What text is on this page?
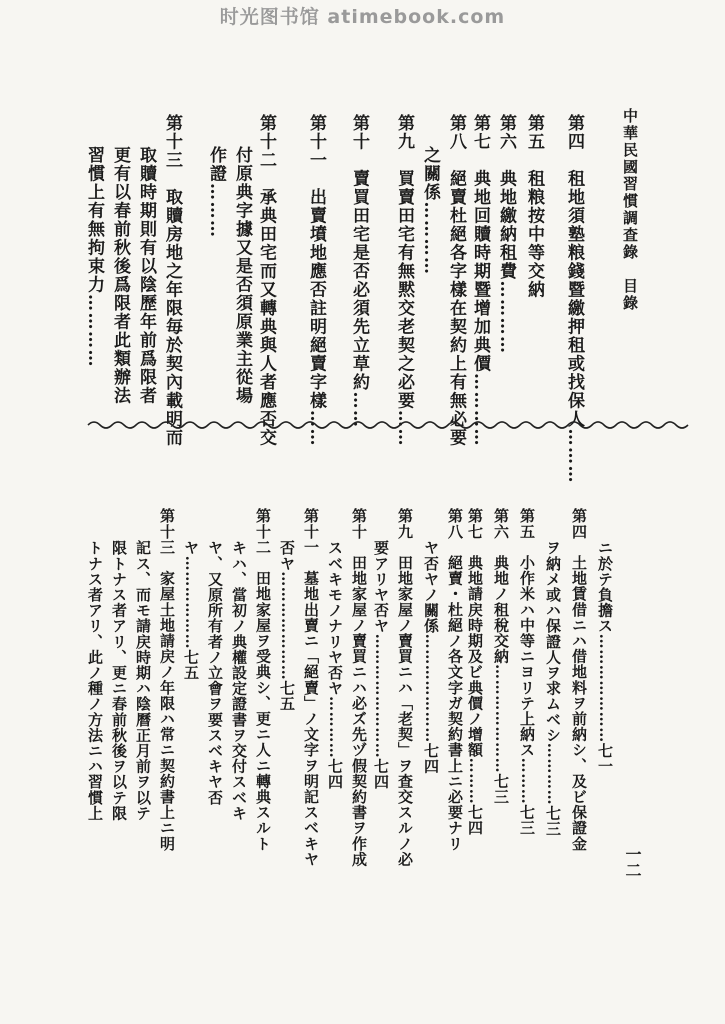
时光图书馆 atimebook.com
中華民國習慣調査錄　目錄
一二
第四　租地須塾粮錢暨繳押租或找保人………
第五　租粮按中等交納
第六　典地繳納租費…………
第七　典地回贖時期暨增加典價…………
第八　絕賣杜絕各字樣在契約上有無必要
之關係…………
第九　買賣田宅有無黙交老契之必要……
第十　賣買田宅是否必須先立草約……
第十一　出賣墳地應否註明絕賣字樣……
第十二　承典田宅而又轉典與人者應否交
付原典字據又是否須原業主從場
作證………
第十三　取贖房地之年限毎於契內載明而
取贖時期則有以陰歷年前爲限者
更有以春前秋後爲限者此類辦法
習慣上有無拘束力…………
ニ於テ負擔ス…………………七一
第四　土地賃借ニハ借地料ヲ前納シ、及ビ保證金
ヲ納メ或ハ保證人ヲ求ムベシ…………七三
第五　小作米ハ中等ニヨリテ上納ス………七三
第六　典地ノ租稅交納…………………七三
第七　典地請戻時期及ビ典價ノ增額………七四
第八　絕賣・杜絕ノ各文字ガ契約書上ニ必要ナリ
ヤ否ヤノ關係…………………七四
第九　田地家屋ノ賣買ニハ「老契」ヲ査交スルノ必
要アリヤ否ヤ……………………七四
第十　田地家屋ノ賣買ニハ必ズ先ヅ假契約書ヲ作成
スベキモノナリヤ否ヤ…………七四
第十一　墓地出賣ニ「絕賣」ノ文字ヲ明記スベキヤ
否ヤ…………………七五
第十二　田地家屋ヲ受典シ、更ニ人ニ轉典スルト
キハ、當初ノ典權設定證書ヲ交付スベキ
ヤ、又原所有者ノ立會ヲ要スベキヤ否
ヤ………………七五
第十三　家屋土地請戻ノ年限ハ常ニ契約書上ニ明
記ス、而モ請戻時期ハ陰曆正月前ヲ以テ
限トナス者アリ、更ニ春前秋後ヲ以テ限
トナス者アリ、此ノ種ノ方法ニハ習慣上
